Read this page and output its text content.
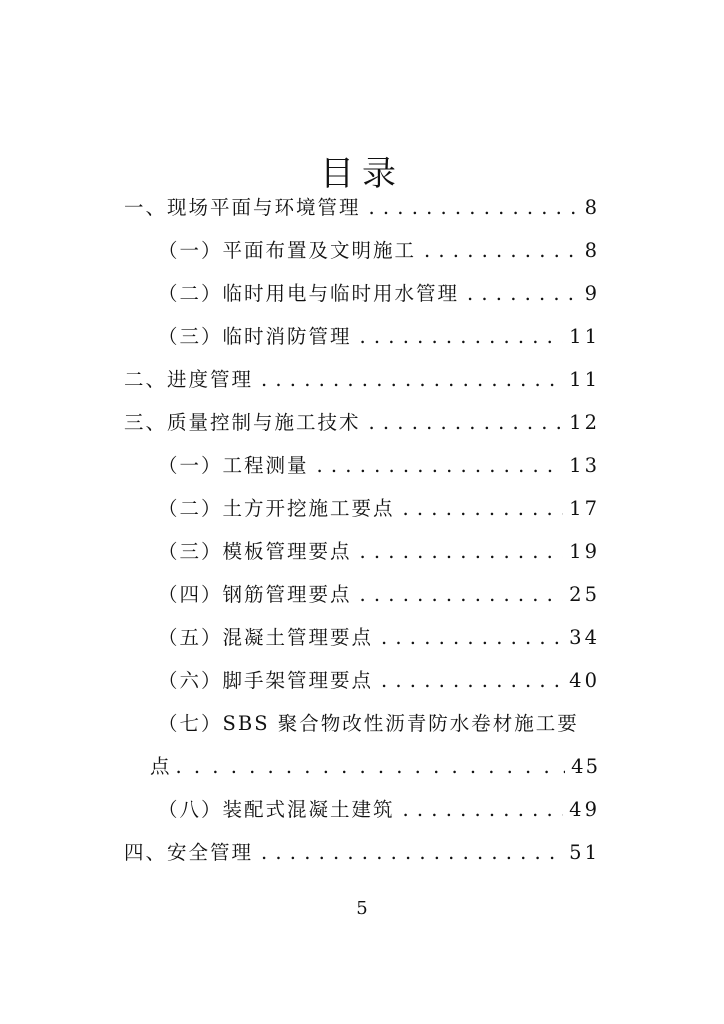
目录
一、现场平面与环境管理 . . .	8
（一）平面布置及文明施工 . . .	8
（二）临时用电与临时用水管理 . . .	9
（三）临时消防管理 . . .	11
二、进度管理 . . .	11
三、质量控制与施工技术 . . .	12
（一）工程测量 . . .	13
（二）土方开挖施工要点 . . .	17
（三）模板管理要点 . . .	19
（四）钢筋管理要点 . . .	25
（五）混凝土管理要点 . . .	34
（六）脚手架管理要点 . . .	40
（七）SBS 聚合物改性沥青防水卷材施工要
点 . . .	45
（八）装配式混凝土建筑 . . .	49
四、安全管理 . . .	51
5
